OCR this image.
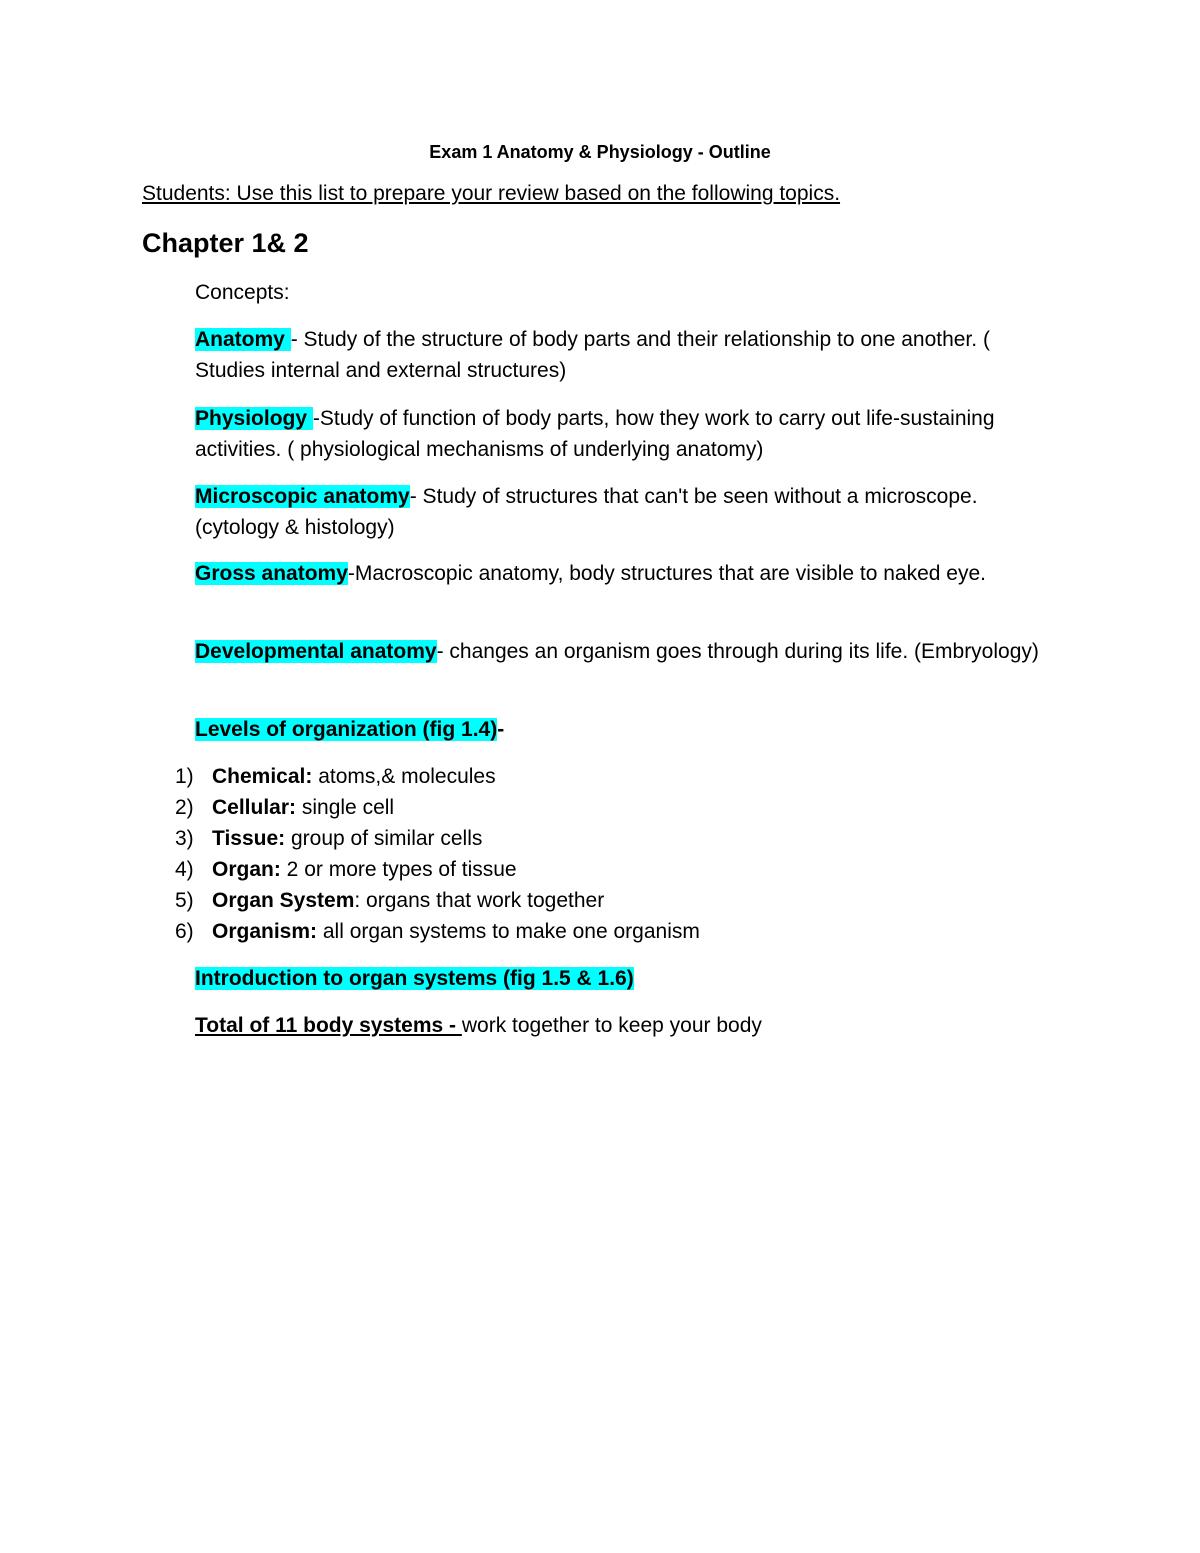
Exam 1 Anatomy & Physiology - Outline
Students: Use this list to prepare your review based on the following topics.
Chapter 1& 2
Concepts:
Anatomy - Study of the structure of body parts and their relationship to one another. ( Studies internal and external structures)
Physiology -Study of function of body parts, how they work to carry out life-sustaining activities. ( physiological mechanisms of underlying anatomy)
Microscopic anatomy- Study of structures that can't be seen without a microscope. (cytology & histology)
Gross anatomy-Macroscopic anatomy, body structures that are visible to naked eye.
Developmental anatomy- changes an organism goes through during its life. (Embryology)
Levels of organization (fig 1.4)-
1) Chemical: atoms,& molecules
2) Cellular: single cell
3) Tissue: group of similar cells
4) Organ: 2 or more types of tissue
5) Organ System: organs that work together
6) Organism: all organ systems to make one organism
Introduction to organ systems (fig 1.5 & 1.6)
Total of 11 body systems - work together to keep your body
